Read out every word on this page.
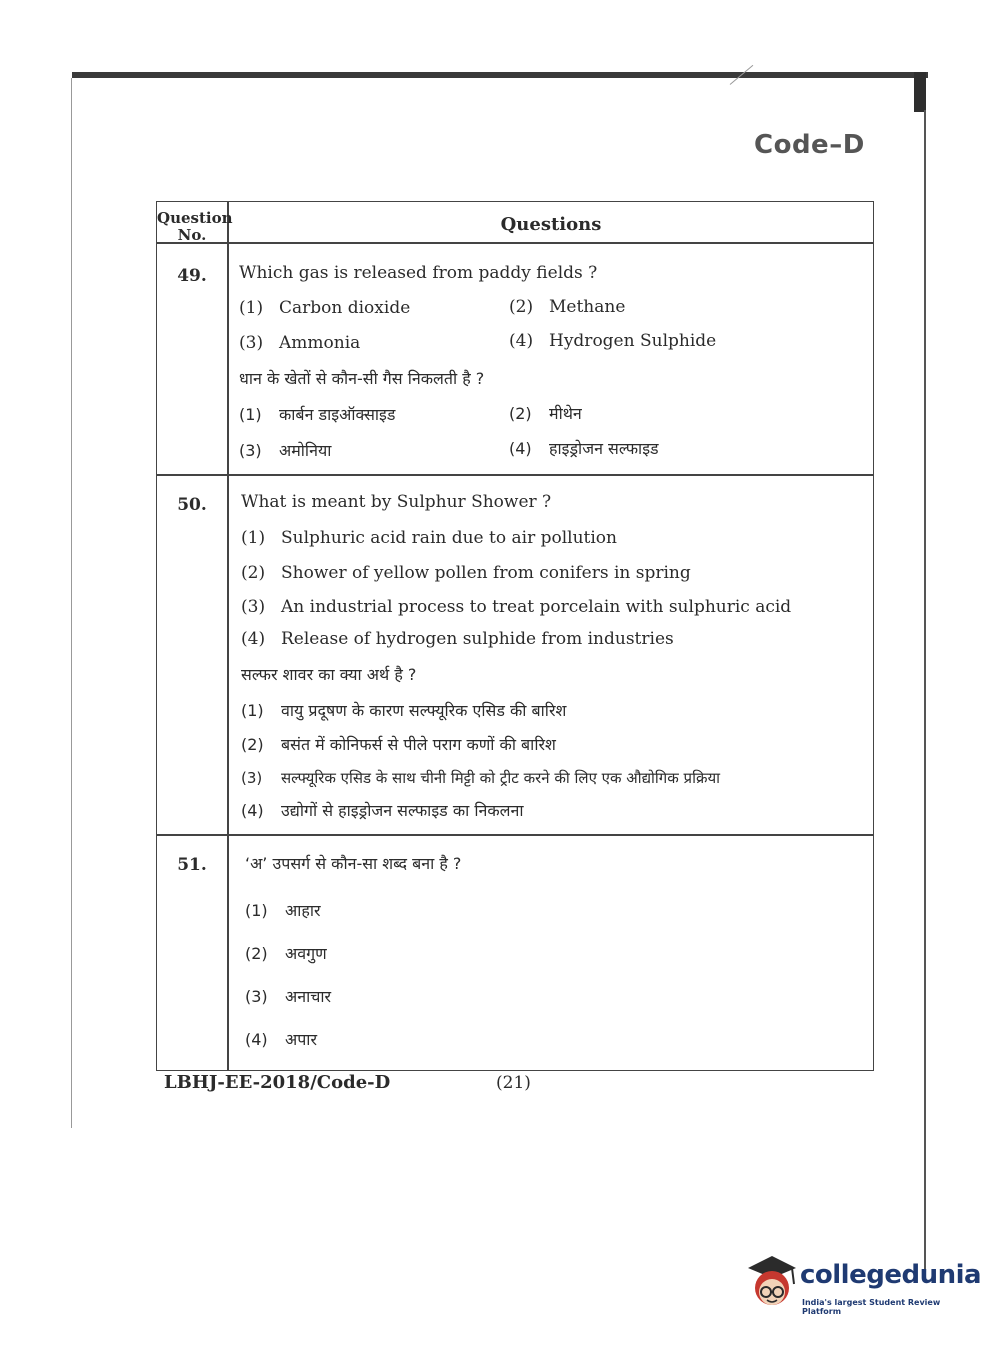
Code–D
Question
No.	Questions
49.	Which gas is released from paddy fields ?
(1) Carbon dioxide	(2) Methane
(3) Ammonia	(4) Hydrogen Sulphide
धान के खेतों से कौन-सी गैस निकलती है ?
(1) कार्बन डाइऑक्साइड	(2) मीथेन
(3) अमोनिया	(4) हाइड्रोजन सल्फाइड
50.	What is meant by Sulphur Shower ?
(1) Sulphuric acid rain due to air pollution
(2) Shower of yellow pollen from conifers in spring
(3) An industrial process to treat porcelain with sulphuric acid
(4) Release of hydrogen sulphide from industries
सल्फर शावर का क्या अर्थ है ?
(1) वायु प्रदूषण के कारण सल्फ्यूरिक एसिड की बारिश
(2) बसंत में कोनिफर्स से पीले पराग कणों की बारिश
(3) सल्फ्यूरिक एसिड के साथ चीनी मिट्टी को ट्रीट करने की लिए एक औद्योगिक प्रक्रिया
(4) उद्योगों से हाइड्रोजन सल्फाइड का निकलना
51.	‘अ’ उपसर्ग से कौन-सा शब्द बना है ?
(1) आहार
(2) अवगुण
(3) अनाचार
(4) अपार
LBHJ-EE-2018/Code-D	(21)
collegedunia
India's largest Student Review Platform
